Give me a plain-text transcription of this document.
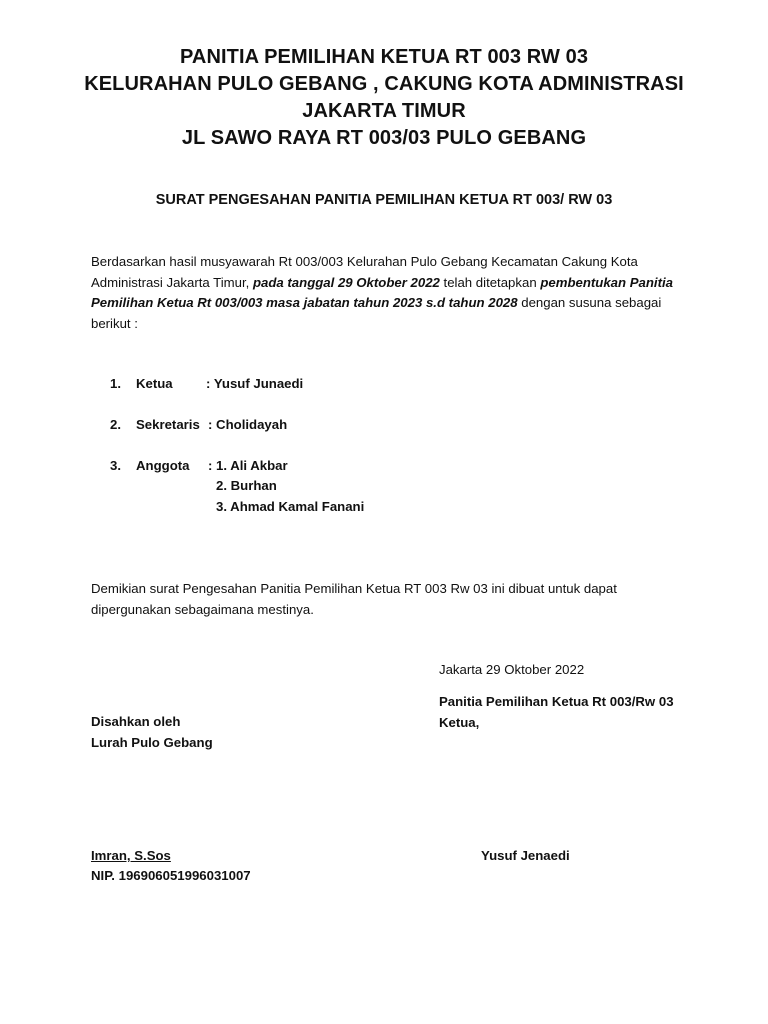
PANITIA PEMILIHAN KETUA RT 003 RW 03
KELURAHAN PULO GEBANG , CAKUNG KOTA ADMINISTRASI
JAKARTA TIMUR
JL SAWO RAYA RT 003/03 PULO GEBANG
SURAT PENGESAHAN PANITIA PEMILIHAN KETUA RT 003/ RW 03
Berdasarkan hasil musyawarah Rt 003/003 Kelurahan Pulo Gebang Kecamatan Cakung Kota Administrasi Jakarta Timur, pada tanggal 29 Oktober 2022 telah ditetapkan pembentukan Panitia Pemilihan Ketua Rt 003/003 masa jabatan tahun 2023 s.d tahun 2028 dengan susuna sebagai berikut :
1. Ketua	: Yusuf Junaedi
2. Sekretaris : Cholidayah
3. Anggota : 1. Ali Akbar
2. Burhan
3. Ahmad Kamal Fanani
Demikian surat Pengesahan Panitia Pemilihan Ketua RT 003 Rw 03 ini dibuat untuk dapat dipergunakan sebagaimana mestinya.
Jakarta 29 Oktober 2022
Panitia Pemilihan Ketua Rt 003/Rw 03
Ketua,
Disahkan oleh
Lurah Pulo Gebang
Imran, S.Sos
NIP. 196906051996031007
Yusuf Jenaedi
